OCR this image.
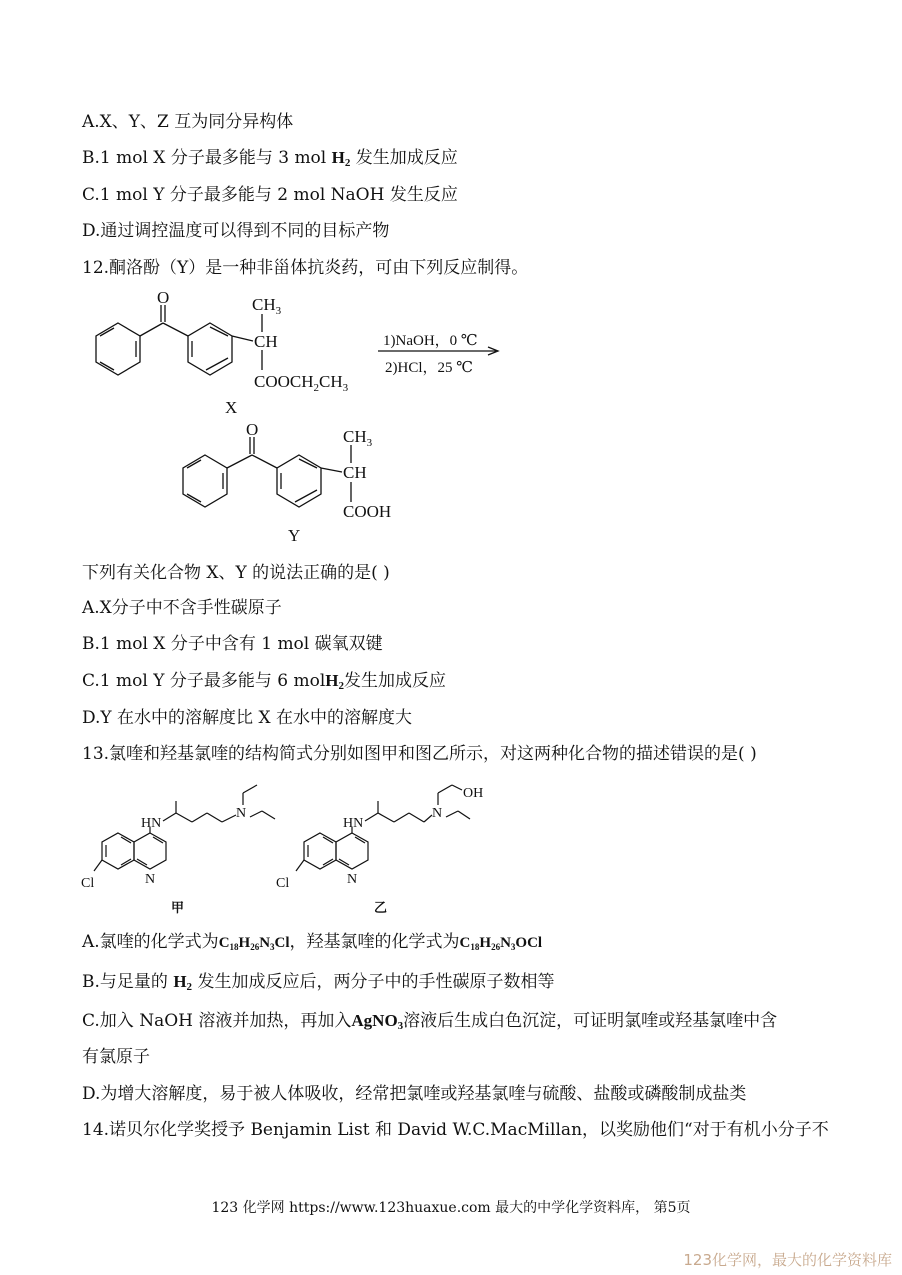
A.X、Y、Z 互为同分异构体
B.1 mol X 分子最多能与 3 mol $H_2$ 发生加成反应
C.1 mol Y 分子最多能与 2 mol NaOH 发生反应
D.通过调控温度可以得到不同的目标产物
12.酮洛酚（Y）是一种非甾体抗炎药，可由下列反应制得。
O	$CH_3$
CH
$COOCH_2CH_3$
X
1)NaOH，0 ℃
2)HCl，25 ℃
O	$CH_3$
CH
COOH
Y
下列有关化合物 X、Y 的说法正确的是( )
A.X分子中不含手性碳原子
B.1 mol X 分子中含有 1 mol 碳氧双键
C.1 mol Y 分子最多能与 6 molH$_2$发生加成反应
D.Y 在水中的溶解度比 X 在水中的溶解度大
13.氯喹和羟基氯喹的结构简式分别如图甲和图乙所示，对这两种化合物的描述错误的是( )
HN
N
N
Cl
甲
HN
N
OH
N
Cl
乙
A.氯喹的化学式为$C_{18}H_{26}N_3Cl$，羟基氯喹的化学式为$C_{18}H_{26}N_3OCl$
B.与足量的 $H_2$ 发生加成反应后，两分子中的手性碳原子数相等
C.加入 NaOH 溶液并加热，再加入AgNO$_3$溶液后生成白色沉淀，可证明氯喹或羟基氯喹中含
有氯原子
D.为增大溶解度，易于被人体吸收，经常把氯喹或羟基氯喹与硫酸、盐酸或磷酸制成盐类
14.诺贝尔化学奖授予 Benjamin List 和 David W.C.MacMillan，以奖励他们“对于有机小分子不
123 化学网 https://www.123huaxue.com 最大的中学化学资料库， 第5页
123化学网，最大的化学资料库
